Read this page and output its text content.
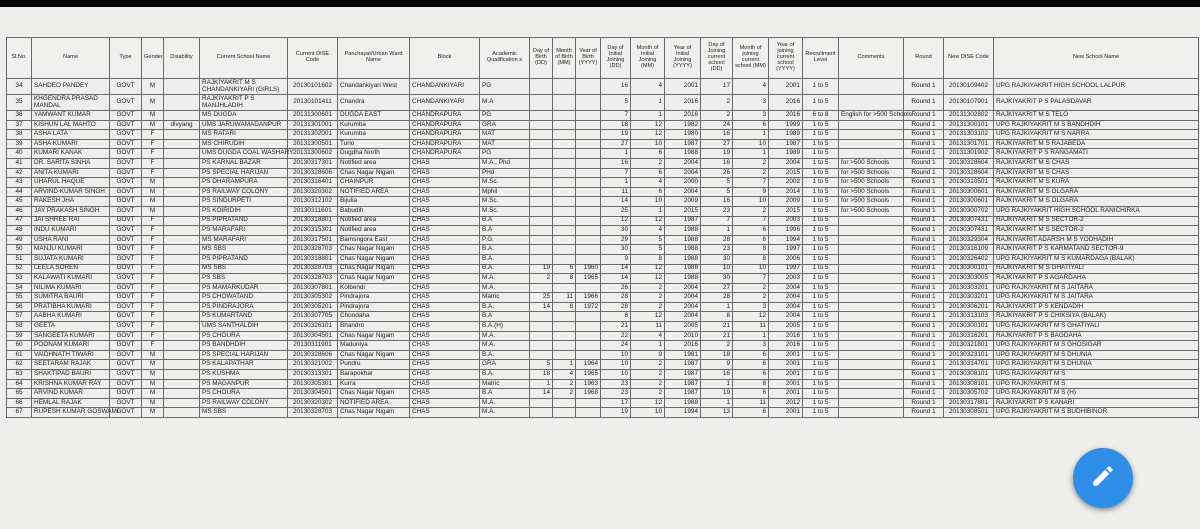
Sl.No.	Name	Type	Gender	Disability	Current School Name	Current DISE Code	Panchayat/Urban Ward Name	Block	Academic Qualification s	Day of Birth (DD)	Month of Birth (MM)	Year of Birth (YYYY)	Day of Initial Joining (DD)	Month of Initial Joining (MM)	Year of Initial Joining (YYYY)	Day of Joining current school (DD)	Month of joining current school (MM)	Year of joining current school (YYYY)	Recruitment Level	Comments	Round	New DISE Code	New School Name
34	SAHDEO PANDEY	GOVT	M		RAJKIYAKRIT M S CHANDANKIYARI (GIRLS)	20130101602	Chandankiyari West	CHANDANKIYARI	PG				16	4	2001	17	4	2001	1 to 5		Round 1	20130109402	UPG RAJKIYAKRIT HIGH SCHOOL LALPUR
35	KHGENDRA PRASAD MANDAL	GOVT	M		RAJKIYAKRIT P S MANJHLADIH	20130101411	Chandra	CHANDANKIYARI	M.A				5	1	2016	2	3	2016	1 to 5		Round 1	20130107901	RAJKIYAKRIT P S PALASDAVAR
36	YAMWANT KUMAR	GOVT	M		MS DUGDA	20131300601	DUGDA EAST	CHANDRAPURA	PG				7	1	2016	2	3	2016	6 to 8	English for >500 Schools	Round 1	20131302802	RAJKIYAKRIT M S TELO
37	KISHUN LAL MAHTO	GOVT	M	divyang	UMS JARUWAMADANPUR	20131301001	Kurumba	CHANDRAPURA	GRA				18	12	1982	24	6	1999	1 to 5		Round 1	20131300101	UPG RAJKIYAKRIT M S BANDHDIH
38	ASHA LATA	GOVT	F		MS RATARI	20131302001	Kurumba	CHANDRAPURA	MAT				19	12	1980	16	1	1989	1 to 5		Round 1	20131303102	UPG RAJKIYAKRIT M S NARRA
39	ASHA KUMARI	GOVT	F		MS CHIRUDIH	20131300501	Turio	CHANDRAPURA	MAT				27	10	1987	27	10	1987	1 to 5		Round 1	20131301701	RAJKIYAKRIT M S RAJABEDA
40	KUMARI KANAK	GOVT	F		UMS DUGDA COAL WASHARY	20131300602	Dugdha North	CHANDRAPURA	PG				1	6	1988	19	1	1989	1 to 5		Round 1	20131301902	RAJKIYAKRIT P S RANGAMATI
41	DR. SARITA SINHA	GOVT	F		PS KARNAL BAZAR	20130317301	Notified area	CHAS	M.A., Phd				16	2	2004	16	2	2004	1 to 5	for >500 Schools	Round 1	20130328604	RAJKIYAKRIT M S CHAS
42	ANITA KUMARI	GOVT	F		PS SPECIAL HARIJAN	20130328606	Chas Nagar Nigam	CHAS	PHd				7	6	2004	26	2	2015	1 to 5	for >500 Schools	Round 1	20130328604	RAJKIYAKRIT M S CHAS
43	UHARUL HAQUE	GOVT	M		PS DHARAMPURA	20130316401	CHAINPUR	CHAS	M.Sc.				1	4	2000	5	7	2002	1 to 5	for >500 Schools	Round 1	20130310501	RAJKIYAKRIT M S KURA
44	ARVIND KUMAR SINGH	GOVT	M		PS RAILWAY COLONY	20130320302	NOTIFIED AREA	CHAS	Mphil				11	6	2004	5	9	2014	1 to 5	for >500 Schools	Round 1	20130300601	RAJKIYAKRIT M S OLGARA
45	RAKESH JHA	GOVT	M		PS SINDURPETI	20130312102	Bijulia	CHAS	M.Sc.				14	10	2009	16	10	2009	1 to 5	for >500 Schools	Round 1	20130300601	RAJKIYAKRIT M S OLGARA
46	JAY PRAKASH SINGH	GOVT	M		PS KOIRIDIH	20130311601	Babudih	CHAS	M.Sc.				25	1	2015	23	2	2015	1 to 5	for >500 Schools	Round 1	20130300702	UPG RAJKIYAKRIT HIGH SCHOOL RANICHIRKA
47	JAI SHREE RAI	GOVT	F		PS PIPRATAND	20130318801	Notified area	CHAS	B.A				12	12	1987	7	7	2003	1 to 5		Round 1	20130307431	RAJKIYAKRIT M S SECTOR-2
48	INDU KUMARI	GOVT	F		PS MARAFARI	20130315301	Notified area	CHAS	B.A				30	4	1988	1	6	1996	1 to 5		Round 1	20130307431	RAJKIYAKRIT M S SECTOR-2
49	USHA RANI	GOVT	F		MS MARAFARI	20130317501	Bamsngora East	CHAS	P.G.				29	5	1988	28	6	1994	1 to 5		Round 1	20130329304	RAJKIYAKRIT ADARSH M S YODHADIH
50	MANJU KUMARI	GOVT	F		MS SBS	20130328703	Chas Nagar Nigam	CHAS	B.A.				30	5	1988	23	8	1997	1 to 5		Round 1	20130316109	RAJKIYAKRIT P S KARMATAND SECTOR-9
51	SUJATA KUMARI	GOVT	F		PS PIPRATAND	20130318801	Chas Nagar Nigam	CHAS	B.A.				9	8	1988	30	8	2006	1 to 5		Round 1	20130326402	UPG RAJKIYAKRIT M S KUMARDAGA (BALAK)
52	LEELA SOREN	GOVT	F		MS SBS	20130328703	Chas Nagar Nigam	CHAS	B.A.	19	6	1960	14	12	1988	10	10	1997	1 to 5		Round 1	20130300101	RAJKIYAKRIT M S GHATIYALI
53	KALAWATI KUMARI	GOVT	F		PS SBS	20130328703	Chas Nagar Nigam	CHAS	M.A.	2	8	1965	14	12	1988	30	7	2003	1 to 5		Round 1	20130303005	RAJKIYAKRIT P S AGARDAHA
54	NILIMA KUMARI	GOVT	F		PS MAMARKUDAR	20130307801	Kolbendi	CHAS	M.A.				26	2	2004	27	2	2004	1 to 5		Round 1	20130303201	UPG RAJKIYAKRIT M S JAITARA
55	SUMITRA BAURI	GOVT	F		PS CHOWATAND	20130305302	Pindrajora	CHAS	Matric	25	11	1966	28	2	2004	28	2	2004	1 to 5		Round 1	20130303201	UPG RAJKIYAKRIT M S JAITARA
56	PRATIBHA KUMARI	GOVT	F		PS PINDRAJORA	20130305201	Pindrajora	CHAS	B.A.	14	8	1972	28	2	2004	1	3	2004	1 to 5		Round 1	20130306201	RAJKIYAKRIT P S KENDADIH
57	AABHA KUMARI	GOVT	F		PS KUMARTAND	20130307705	Chondaha	CHAS	B.A				8	12	2004	8	12	2004	1 to 5		Round 1	20130313103	RAJKIYAKRIT P S CHIKSIYA (BALAK)
58	GEETA	GOVT	F		UMS SANTHALDIH	20130326101	Bhandro	CHAS	B.A.(H)				21	11	2005	21	11	2005	1 to 5		Round 1	20130300101	UPG RAJKIYAKRIT M S GHATIYALI
59	SANGEETA KUMARI	GOVT	F		PS CHOURA	20130304501	Chas Nagar Nigam	CHAS	M.A.				22	4	2010	21	1	2016	1 to 5		Round 1	20130316201	RAJKIYAKRIT P S BAGDAHA
60	POONAM KUMARI	GOVT	F		PS BANDHDIH	20130311901	Maduniya	CHAS	M.A.				24	1	2016	2	3	2016	1 to 5		Round 1	20130321801	UPG RAJKIYAKRIT M S GHOSIGAR
61	VAIDHNATH TIWARI	GOVT	M		PS SPECIAL HARIJAN	20130328606	Chas Nagar Nigam	CHAS	B.A.				10	9	1981	18	6	2001	1 to 5		Round 1	20130323101	UPG RAJKIYAKRIT M S DHUNIA
62	SEETARAM RAJAK	GOVT	M		PS KALAPATHAR	20130321002	Pundru	CHAS	GRA	5	1	1964	10	2	1987	9	6	2001	1 to 5		Round 1	20130314701	UPG RAJKIYAKRIT M S DHUNIA
63	SHAKTIPAD BAURI	GOVT	M		PS KUSHMA	20130313301	Barapokhar	CHAS	B.A.	18	4	1965	10	2	1987	16	6	2001	1 to 5		Round 1	20130308101	UPG RAJKIYAKRIT M S
64	KRISHNA KUMAR RAY	GOVT	M		PS MAGANPUR	20130305301	Kurra	CHAS	Matric	1	2	1963	23	2	1987	1	8	2001	1 to 5		Round 1	20130308101	UPG RAJKIYAKRIT M S
65	ARVIND KUMAR	GOVT	M		PS CHOURA	20130304501	Chas Nagar Nigam	CHAS	B.A	14	2	1968	23	2	1987	19	6	2001	1 to 5		Round 1	20130305702	UPG RAJKIYAKRIT M S (H)
66	HEMLAL RAJAK	GOVT	M		PS RAILWAY COLONY	20130320302	NOTIFIED AREA	CHAS	M.A.				17	12	1988	1	11	2012	1 to 5		Round 1	20130317801	RAJKIYAKRIT P S KANARI
67	RUPESH KUMAR GOSWAMI	GOVT	M		MS SBS	20130328703	Chas Nagar Nigam	CHAS	M.A.				19	10	1994	13	6	2001	1 to 5		Round 1	20130308501	UPG RAJKIYAKRIT M S BUDHIBINOR
